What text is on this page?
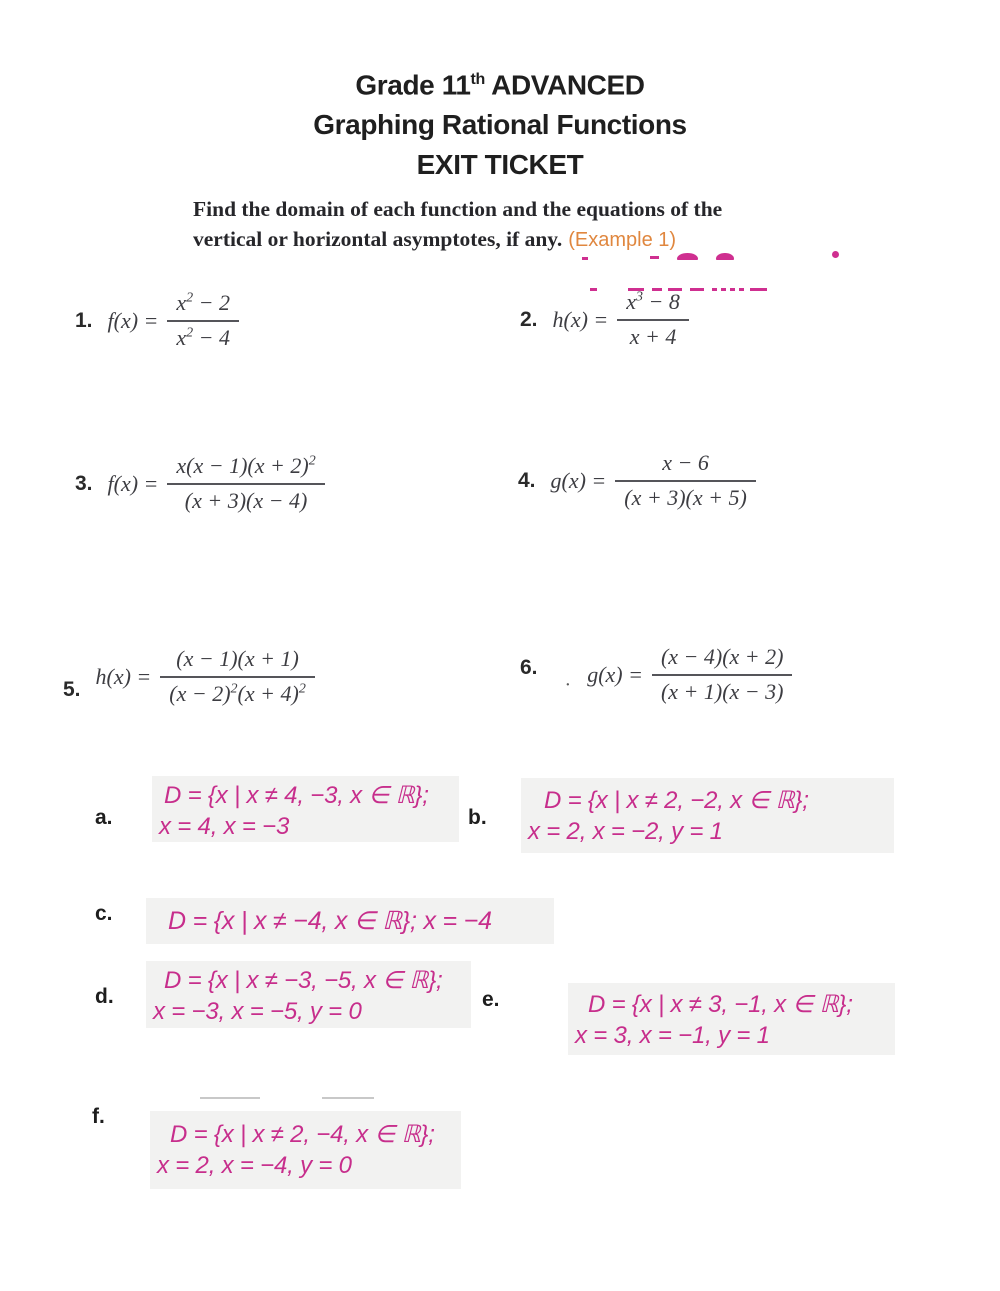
Grade 11th ADVANCED
Graphing Rational Functions
EXIT TICKET
Find the domain of each function and the equations of the
vertical or horizontal asymptotes, if any. (Example 1)
1. $f(x) = \frac{x^2 - 2}{x^2 - 4}$	2. $h(x) = \frac{x^3 - 8}{x + 4}$
3. $f(x) = \frac{x(x - 1)(x + 2)^2}{(x + 3)(x - 4)}$	4. $g(x) = \frac{x - 6}{(x + 3)(x + 5)}$
5.
$h(x) = \frac{(x - 1)(x + 1)}{(x - 2)^2(x + 4)^2}$	6.
· $g(x) = \frac{(x - 4)(x + 2)}{(x + 1)(x - 3)}$
a.
D = {x | x ≠ 4, −3, x ∈ ℝ};
x = 4, x = −3	b.
D = {x | x ≠ 2, −2, x ∈ ℝ};
x = 2, x = −2, y = 1
c. D = {x | x ≠ −4, x ∈ ℝ}; x = −4
d.
D = {x | x ≠ −3, −5, x ∈ ℝ};
x = −3, x = −5, y = 0	e.	D = {x | x ≠ 3, −1, x ∈ ℝ};
x = 3, x = −1, y = 1
f.
D = {x | x ≠ 2, −4, x ∈ ℝ};
x = 2, x = −4, y = 0
